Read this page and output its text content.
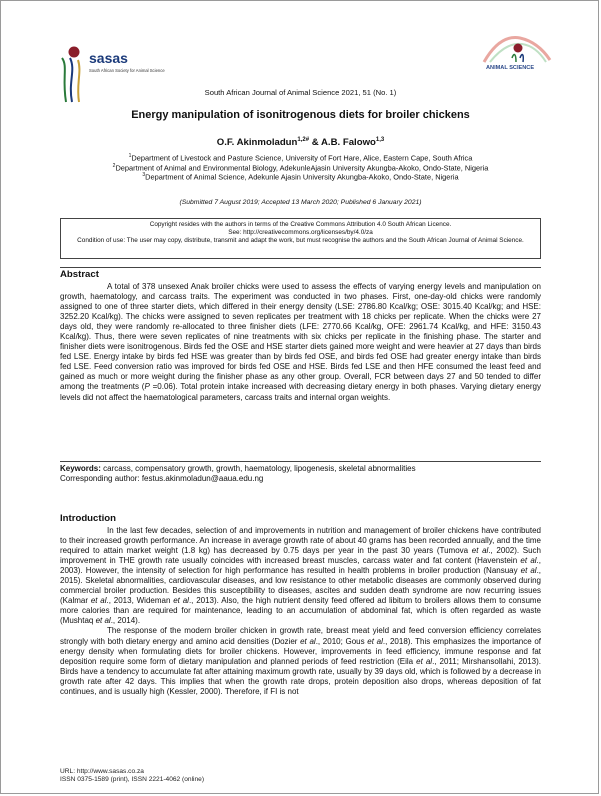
sasas
South African Society for Animal Science	ANIMAL SCIENCE
South African Journal of Animal Science 2021, 51 (No. 1)
Energy manipulation of isonitrogenous diets for broiler chickens
O.F. Akinmoladun$^{1,2\#}$ & A.B. Falowo$^{1,3}$
$^1$Department of Livestock and Pasture Science, University of Fort Hare, Alice, Eastern Cape, South Africa
$^2$Department of Animal and Environmental Biology, AdekunleAjasin University Akungba-Akoko, Ondo-State, Nigeria
$^3$Department of Animal Science, Adekunle Ajasin University Akungba-Akoko, Ondo-State, Nigeria
(Submitted 7 August 2019; Accepted 13 March 2020; Published 6 January 2021)
Copyright resides with the authors in terms of the Creative Commons Attribution 4.0 South African Licence.
See: http://creativecommons.org/licenses/by/4.0/za
Condition of use: The user may copy, distribute, transmit and adapt the work, but must recognise the authors and the South African Journal of Animal Science.
Abstract

A total of 378 unsexed Anak broiler chicks were used to assess the effects of varying energy levels and manipulation on growth, haematology, and carcass traits. The experiment was conducted in two phases. First, one-day-old chicks were randomly assigned to one of three starter diets, which differed in their energy density (LSE: 2786.80 Kcal/kg; OSE: 3015.40 Kcal/kg; and HSE: 3252.20 Kcal/kg). The chicks were assigned to seven replicates per treatment with 18 chicks per replicate. When the chicks were 27 days old, they were randomly re-allocated to three finisher diets (LFE: 2770.66 Kcal/kg, OFE: 2961.74 Kcal/kg, and HFE: 3150.43 Kcal/kg). Thus, there were seven replicates of nine treatments with six chicks per replicate in the finishing phase. The starter and finisher diets were isonitrogenous. Birds fed the OSE and HSE starter diets gained more weight and were heavier at 27 days than birds fed LSE. Energy intake by birds fed HSE was greater than by birds fed OSE, and birds fed OSE had greater energy intake than birds fed LSE. Feed conversion ratio was improved for birds fed OSE and HSE. Birds fed LSE and then HFE consumed the least feed and gained as much or more weight during the finisher phase as any other group. Overall, FCR between days 27 and 50 tended to differ among the treatments (P =0.06). Total protein intake increased with decreasing dietary energy in both phases. Varying dietary energy levels did not affect the haematological parameters, carcass traits and internal organ weights.

Keywords: carcass, compensatory growth, growth, haematology, lipogenesis, skeletal abnormalities
Corresponding author: festus.akinmoladun@aaua.edu.ng
Introduction

In the last few decades, selection of and improvements in nutrition and management of broiler chickens have contributed to their increased growth performance. An increase in average growth rate of about 40 grams has been recorded annually, and the time required to attain market weight (1.8 kg) has decreased by 0.75 days per year in the past 30 years (Tumova et al., 2002). Such improvement in THE growth rate usually coincides with increased breast muscles, carcass water and fat content (Havenstein et al., 2003). However, the intensity of selection for high performance has resulted in health problems in broiler production (Nansuay et al., 2015). Skeletal abnormalities, cardiovascular diseases, and low resistance to other metabolic diseases are commonly observed during commercial broiler production. Besides this susceptibility to diseases, ascites and sudden death syndrome are now recurring issues (Kalmar et al., 2013, Wideman et al., 2013). Also, the high nutrient density feed offered ad libitum to broilers allows them to consume more calories than are required for maintenance, leading to an accumulation of abdominal fat, which is often regarded as waste (Mushtaq et al., 2014).

The response of the modern broiler chicken in growth rate, breast meat yield and feed conversion efficiency correlates strongly with both dietary energy and amino acid densities (Dozier et al., 2010; Gous et al., 2018). This emphasizes the importance of energy density when formulating diets for broiler chickens. However, improvements in feed efficiency, immune response and fat deposition require some form of dietary manipulation and planned periods of feed restriction (Eila et al., 2011; Mirshansollahi, 2013). Birds have a tendency to accumulate fat after attaining maximum growth rate, usually by 39 days old, which is followed by a decrease in growth rate after 42 days. This implies that when the growth rate drops, protein deposition also drops, whereas deposition of fat continues, and is usually high (Kessler, 2000). Therefore, if FI is not

URL: http://www.sasas.co.za
ISSN 0375-1589 (print), ISSN 2221-4062 (online)
